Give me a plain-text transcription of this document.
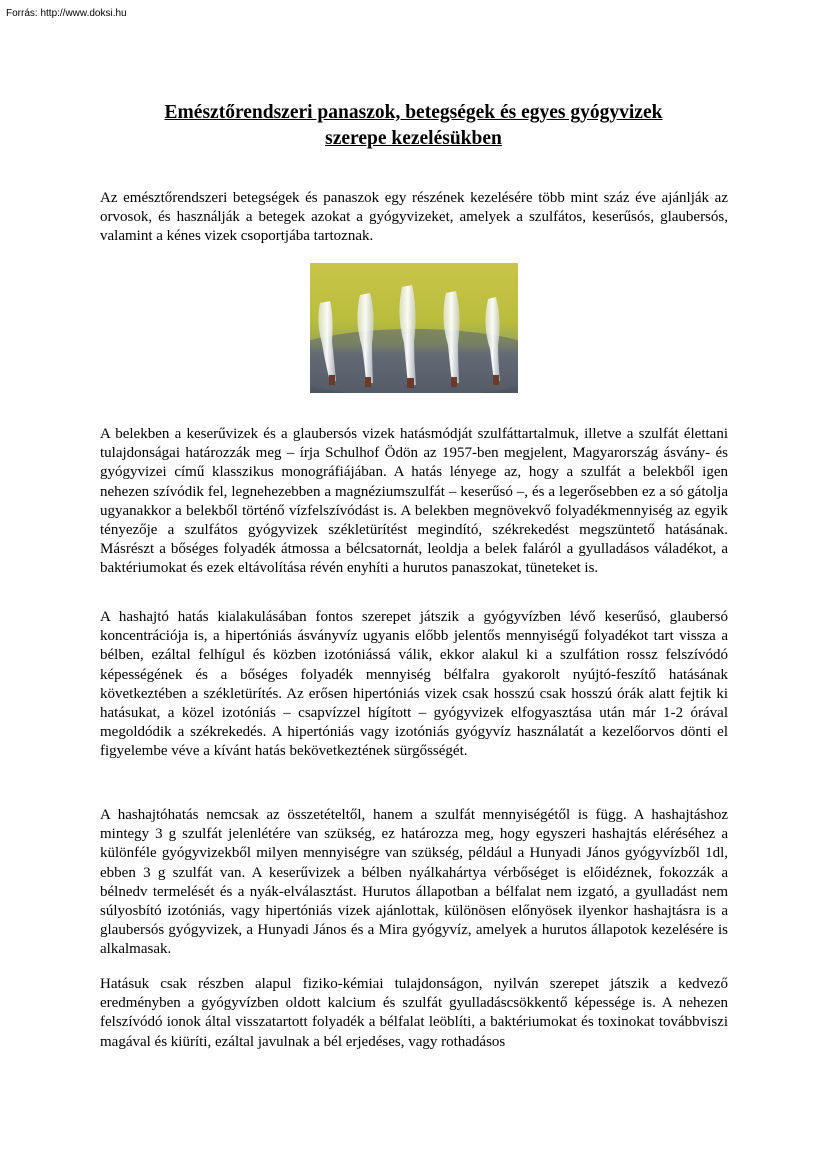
Forrás: http://www.doksi.hu
Emésztőrendszeri panaszok, betegségek és egyes gyógyvizek
szerepe kezelésükben

Az emésztőrendszeri betegségek és panaszok egy részének kezelésére több mint száz éve ajánlják az orvosok, és használják a betegek azokat a gyógyvizeket, amelyek a szulfátos, keserűsós, glaubersós, valamint a kénes vizek csoportjába tartoznak.

A belekben a keserűvizek és a glaubersós vizek hatásmódját szulfáttartalmuk, illetve a szulfát élettani tulajdonságai határozzák meg – írja Schulhof Ödön az 1957-ben megjelent, Magyarország ásvány- és gyógyvizei című klasszikus monográfiájában. A hatás lényege az, hogy a szulfát a belekből igen nehezen szívódik fel, legnehezebben a magnéziumszulfát – keserűsó –, és a legerősebben ez a só gátolja ugyanakkor a belekből történő vízfelszívódást is. A belekben megnövekvő folyadékmennyiség az egyik tényezője a szulfátos gyógyvizek székletürítést megindító, székrekedést megszüntető hatásának. Másrészt a bőséges folyadék átmossa a bélcsatornát, leoldja a belek faláról a gyulladásos váladékot, a baktériumokat és ezek eltávolítása révén enyhíti a hurutos panaszokat, tüneteket is.

A hashajtó hatás kialakulásában fontos szerepet játszik a gyógyvízben lévő keserűsó, glaubersó koncentrációja is, a hipertóniás ásványvíz ugyanis előbb jelentős mennyiségű folyadékot tart vissza a bélben, ezáltal felhígul és közben izotóniássá válik, ekkor alakul ki a szulfátion rossz felszívódó képességének és a bőséges folyadék mennyiség bélfalra gyakorolt nyújtó-feszítő hatásának következtében a székletürítés. Az erősen hipertóniás vizek csak hosszú csak hosszú órák alatt fejtik ki hatásukat, a közel izotóniás – csapvízzel hígított – gyógyvizek elfogyasztása után már 1-2 órával megoldódik a székrekedés. A hipertóniás vagy izotóniás gyógyvíz használatát a kezelőorvos dönti el figyelembe véve a kívánt hatás bekövetkeztének sürgősségét.

A hashajtóhatás nemcsak az összetételtől, hanem a szulfát mennyiségétől is függ. A hashajtáshoz mintegy 3 g szulfát jelenlétére van szükség, ez határozza meg, hogy egyszeri hashajtás eléréséhez a különféle gyógyvizekből milyen mennyiségre van szükség, például a Hunyadi János gyógyvízből 1dl, ebben 3 g szulfát van. A keserűvizek a bélben nyálkahártya vérbőséget is előidéznek, fokozzák a bélnedv termelését és a nyák-elválasztást. Hurutos állapotban a bélfalat nem izgató, a gyulladást nem súlyosbító izotóniás, vagy hipertóniás vizek ajánlottak, különösen előnyösek ilyenkor hashajtásra is a glaubersós gyógyvizek, a Hunyadi János és a Mira gyógyvíz, amelyek a hurutos állapotok kezelésére is alkalmasak.

Hatásuk csak részben alapul fiziko-kémiai tulajdonságon, nyilván szerepet játszik a kedvező eredményben a gyógyvízben oldott kalcium és szulfát gyulladáscsökkentő képessége is. A nehezen felszívódó ionok által visszatartott folyadék a bélfalat leöblíti, a baktériumokat és toxinokat továbbviszi magával és kiüríti, ezáltal javulnak a bél erjedéses, vagy rothadásos
